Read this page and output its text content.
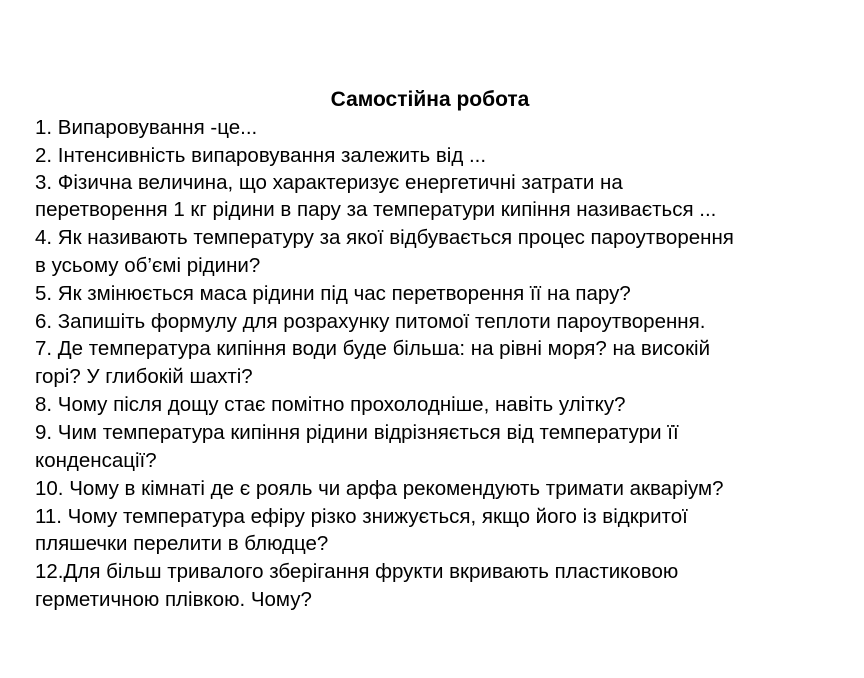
Самостійна робота

1. Випаровування -це...

2. Інтенсивність випаровування залежить від ...

3. Фізична величина, що характеризує енергетичні затрати на

перетворення 1 кг рідини в пару за температури кипіння називається ...

4. Як називають температуру за якої відбувається процес пароутворення

в усьому об’ємі рідини?

5. Як змінюється маса рідини під час перетворення її на пару?

6. Запишіть формулу для розрахунку питомої теплоти пароутворення.

7. Де температура кипіння води буде більша: на рівні моря? на високій

горі? У глибокій шахті?

8. Чому після дощу стає помітно прохолодніше, навіть улітку?

9. Чим температура кипіння рідини відрізняється від температури її

конденсації?

10. Чому в кімнаті де є рояль чи арфа рекомендують тримати акваріум?

11. Чому температура ефіру різко знижується, якщо його із відкритої

пляшечки перелити в блюдце?

12.Для більш тривалого зберігання фрукти вкривають пластиковою

герметичною плівкою. Чому?
